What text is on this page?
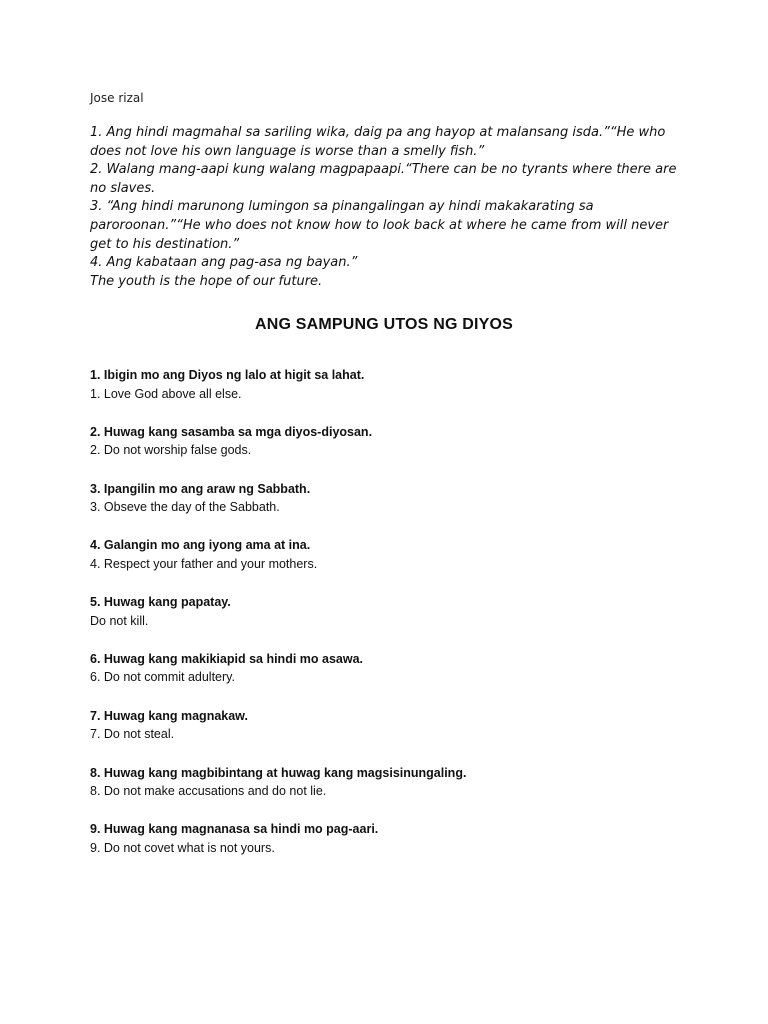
Jose rizal

1. Ang hindi magmahal sa sariling wika, daig pa ang hayop at malansang isda.”“He who does not love his own language is worse than a smelly fish.”

2. Walang mang-aapi kung walang magpapaapi.“There can be no tyrants where there are no slaves.

3. “Ang hindi marunong lumingon sa pinangalingan ay hindi makakarating sa paroroonan.”“He who does not know how to look back at where he came from will never get to his destination.”

4. Ang kabataan ang pag-asa ng bayan.”

The youth is the hope of our future.

ANG SAMPUNG UTOS NG DIYOS
1. Ibigin mo ang Diyos ng lalo at higit sa lahat.
1. Love God above all else.
2. Huwag kang sasamba sa mga diyos-diyosan.
2. Do not worship false gods.
3. Ipangilin mo ang araw ng Sabbath.
3. Obseve the day of the Sabbath.
4. Galangin mo ang iyong ama at ina.
4. Respect your father and your mothers.
5. Huwag kang papatay.
Do not kill.
6. Huwag kang makikiapid sa hindi mo asawa.
6. Do not commit adultery.
7. Huwag kang magnakaw.
7. Do not steal.
8. Huwag kang magbibintang at huwag kang magsisinungaling.
8. Do not make accusations and do not lie.
9. Huwag kang magnanasa sa hindi mo pag-aari.
9. Do not covet what is not yours.
